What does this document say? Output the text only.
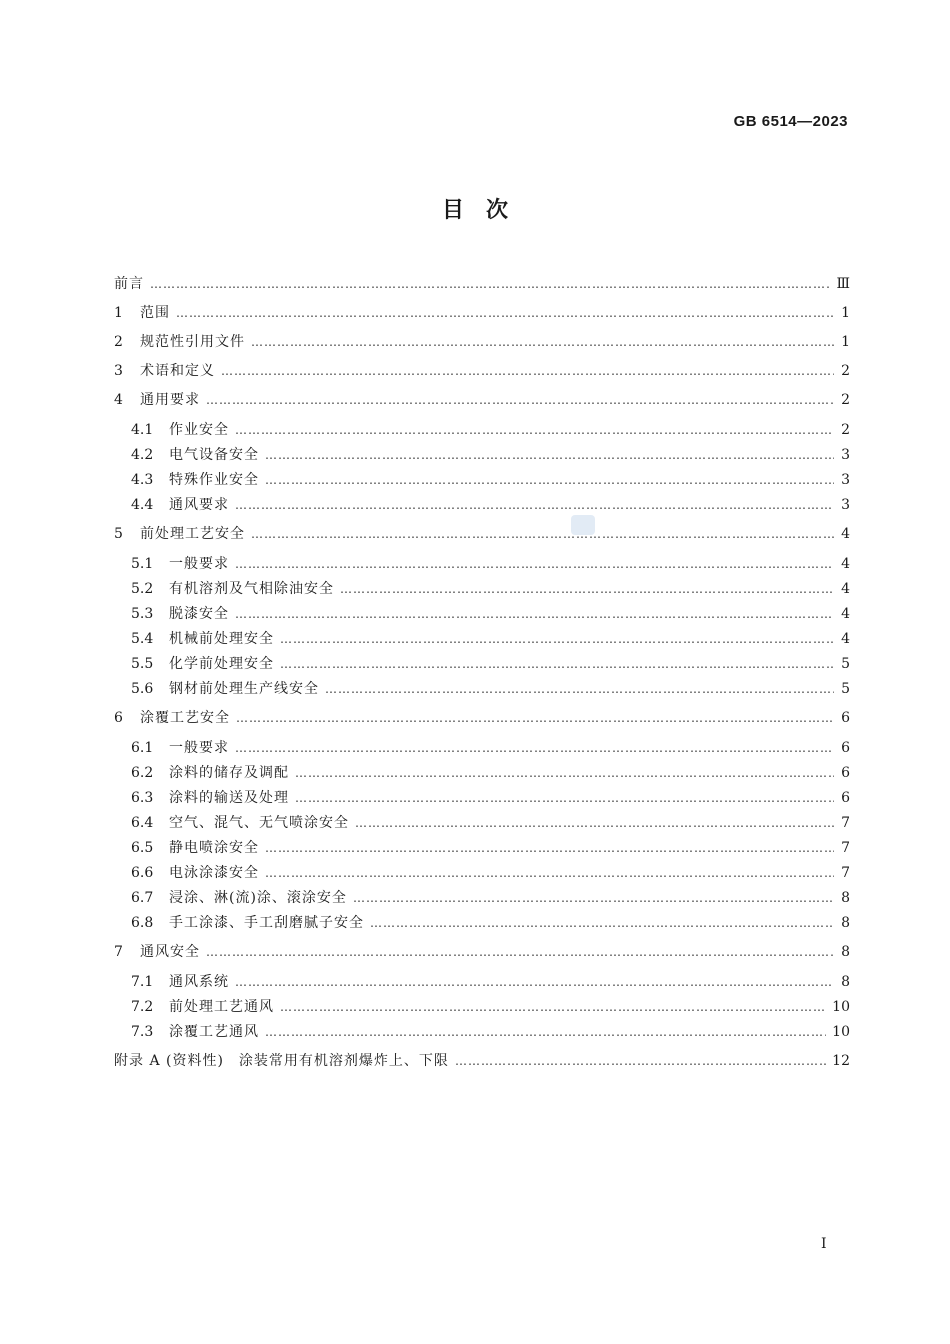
GB 6514—2023
目　次
前言 …………………………………………………………………………………………………………………………………………………………………………………………	Ⅲ
1	范围 …………………………………………………………………………………………………………………………………………………………………………………………	1
2	规范性引用文件 …………………………………………………………………………………………………………………………………………………………………………………………	1
3	术语和定义 …………………………………………………………………………………………………………………………………………………………………………………………	2
4	通用要求 …………………………………………………………………………………………………………………………………………………………………………………………	2
4.1	作业安全 …………………………………………………………………………………………………………………………………………………………………………………………	2
4.2	电气设备安全 …………………………………………………………………………………………………………………………………………………………………………………………	3
4.3	特殊作业安全 …………………………………………………………………………………………………………………………………………………………………………………………	3
4.4	通风要求 …………………………………………………………………………………………………………………………………………………………………………………………	3
5	前处理工艺安全 …………………………………………………………………………………………………………………………………………………………………………………………	4
5.1	一般要求 …………………………………………………………………………………………………………………………………………………………………………………………	4
5.2	有机溶剂及气相除油安全 …………………………………………………………………………………………………………………………………………………………………………………………	4
5.3	脱漆安全 …………………………………………………………………………………………………………………………………………………………………………………………	4
5.4	机械前处理安全 …………………………………………………………………………………………………………………………………………………………………………………………	4
5.5	化学前处理安全 …………………………………………………………………………………………………………………………………………………………………………………………	5
5.6	钢材前处理生产线安全 …………………………………………………………………………………………………………………………………………………………………………………………	5
6	涂覆工艺安全 …………………………………………………………………………………………………………………………………………………………………………………………	6
6.1	一般要求 …………………………………………………………………………………………………………………………………………………………………………………………	6
6.2	涂料的储存及调配 …………………………………………………………………………………………………………………………………………………………………………………………	6
6.3	涂料的输送及处理 …………………………………………………………………………………………………………………………………………………………………………………………	6
6.4	空气、混气、无气喷涂安全 …………………………………………………………………………………………………………………………………………………………………………………………	7
6.5	静电喷涂安全 …………………………………………………………………………………………………………………………………………………………………………………………	7
6.6	电泳涂漆安全 …………………………………………………………………………………………………………………………………………………………………………………………	7
6.7	浸涂、淋(流)涂、滚涂安全 …………………………………………………………………………………………………………………………………………………………………………………………	8
6.8	手工涂漆、手工刮磨腻子安全 …………………………………………………………………………………………………………………………………………………………………………………………	8
7	通风安全 …………………………………………………………………………………………………………………………………………………………………………………………	8
7.1	通风系统 …………………………………………………………………………………………………………………………………………………………………………………………	8
7.2	前处理工艺通风 …………………………………………………………………………………………………………………………………………………………………………………………	10
7.3	涂覆工艺通风 …………………………………………………………………………………………………………………………………………………………………………………………	10
附录 A (资料性)　涂装常用有机溶剂爆炸上、下限 …………………………………………………………………………………………………………………………………………………………………………………………	12
I
